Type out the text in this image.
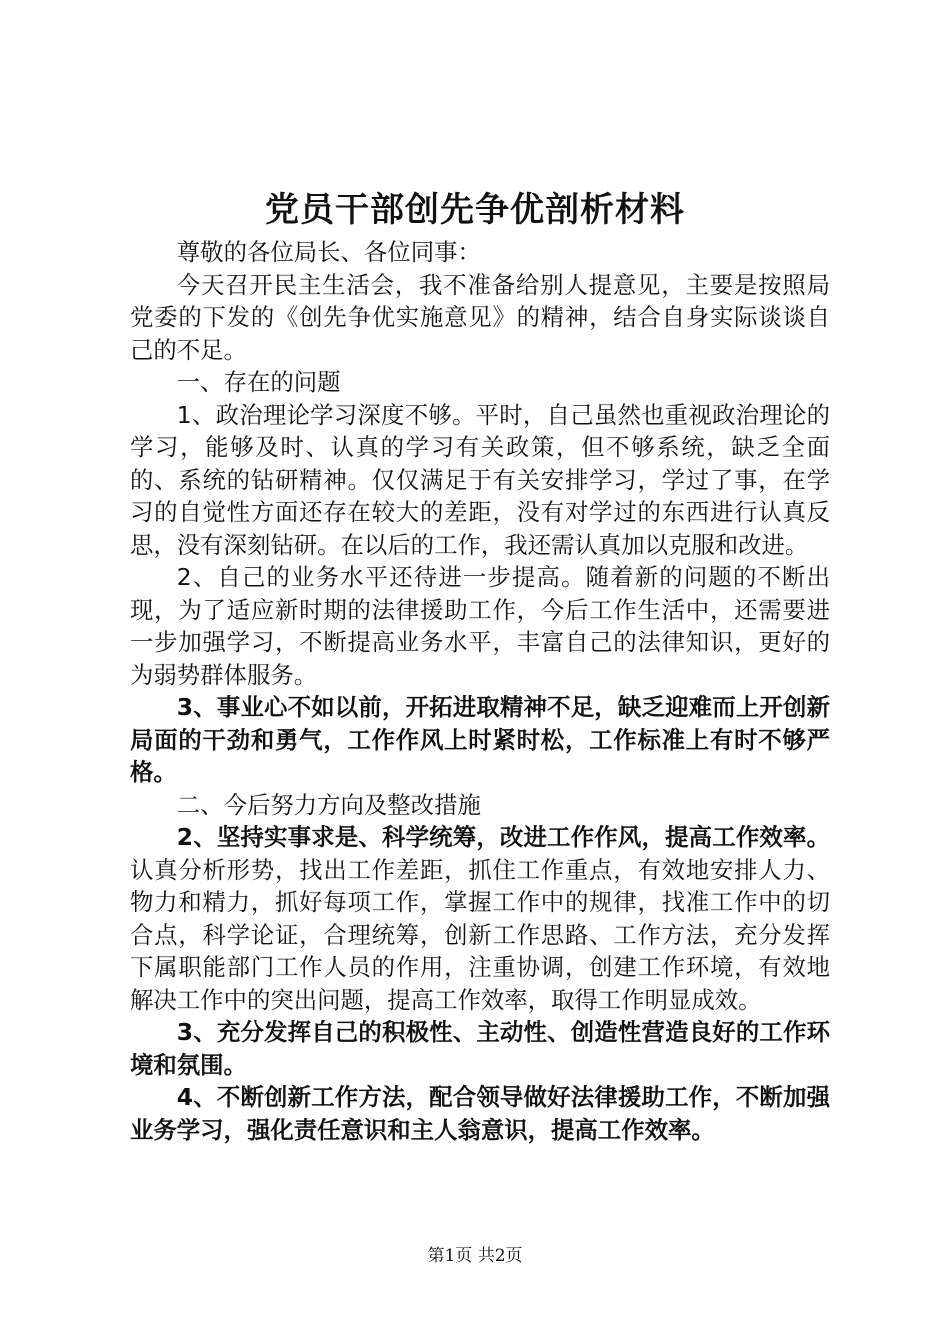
党员干部创先争优剖析材料

尊敬的各位局长、各位同事：

今天召开民主生活会，我不准备给别人提意见，主要是按照局党委的下发的《创先争优实施意见》的精神，结合自身实际谈谈自己的不足。

一、存在的问题

1、政治理论学习深度不够。平时，自己虽然也重视政治理论的学习，能够及时、认真的学习有关政策，但不够系统，缺乏全面的、系统的钻研精神。仅仅满足于有关安排学习，学过了事，在学习的自觉性方面还存在较大的差距，没有对学过的东西进行认真反思，没有深刻钻研。在以后的工作，我还需认真加以克服和改进。

2、自己的业务水平还待进一步提高。随着新的问题的不断出现，为了适应新时期的法律援助工作，今后工作生活中，还需要进一步加强学习，不断提高业务水平，丰富自己的法律知识，更好的为弱势群体服务。

3、事业心不如以前，开拓进取精神不足，缺乏迎难而上开创新局面的干劲和勇气，工作作风上时紧时松，工作标准上有时不够严格。

二、今后努力方向及整改措施

2、坚持实事求是、科学统筹，改进工作作风，提高工作效率。认真分析形势，找出工作差距，抓住工作重点，有效地安排人力、物力和精力，抓好每项工作，掌握工作中的规律，找准工作中的切合点，科学论证，合理统筹，创新工作思路、工作方法，充分发挥下属职能部门工作人员的作用，注重协调，创建工作环境，有效地解决工作中的突出问题，提高工作效率，取得工作明显成效。

3、充分发挥自己的积极性、主动性、创造性营造良好的工作环境和氛围。

4、不断创新工作方法，配合领导做好法律援助工作，不断加强业务学习，强化责任意识和主人翁意识，提高工作效率。

第1页 共2页
